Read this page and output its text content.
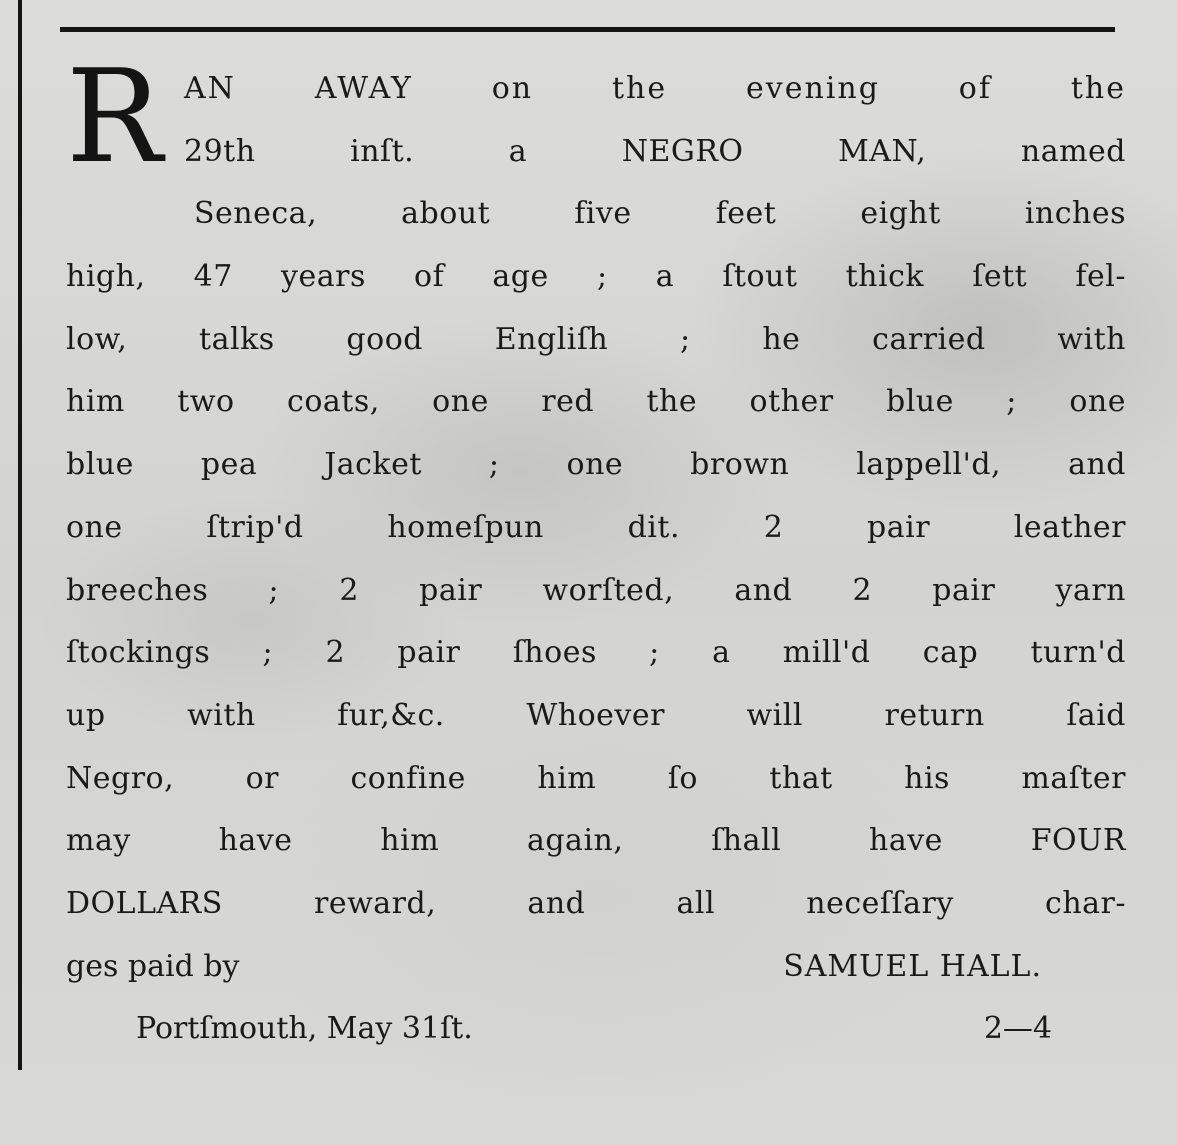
R AN AWAY on the evening of the
29th inſt. a NEGRO MAN, named
Seneca, about five feet eight inches
high, 47 years of age ; a ſtout thick ſett fel-
low, talks good Engliſh ; he carried with
him two coats, one red the other blue ; one
blue pea Jacket ; one brown lappell'd, and
one ſtrip'd homeſpun dit. 2 pair leather
breeches ; 2 pair worſted, and 2 pair yarn
ſtockings ; 2 pair ſhoes ; a mill'd cap turn'd
up with fur,&c. Whoever will return ſaid
Negro, or confine him ſo that his maſter
may have him again, ſhall have FOUR
DOLLARS reward, and all neceſſary char-
ges paid by	SAMUEL HALL.
Portſmouth, May 31ſt.	2—4
